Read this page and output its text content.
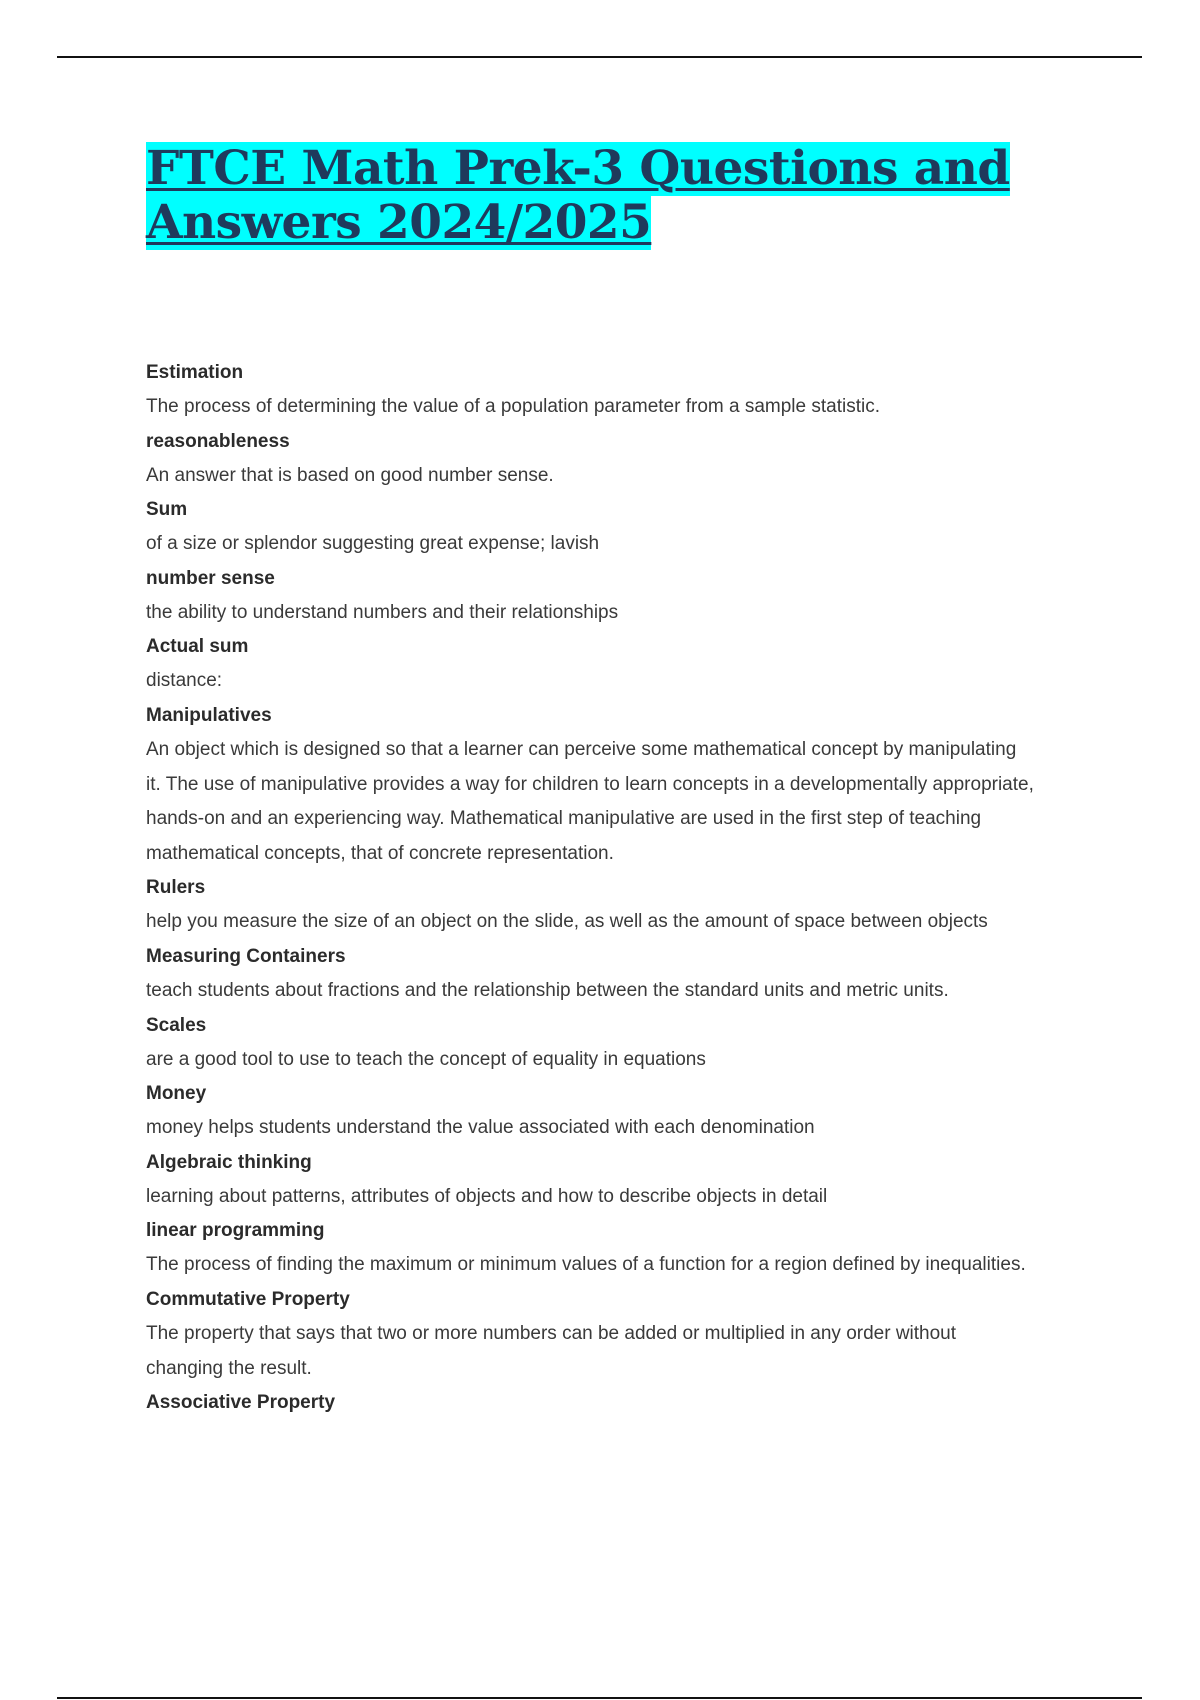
FTCE Math Prek-3 Questions and
Answers 2024/2025
Estimation
The process of determining the value of a population parameter from a sample statistic.
reasonableness
An answer that is based on good number sense.
Sum
of a size or splendor suggesting great expense; lavish
number sense
the ability to understand numbers and their relationships
Actual sum
distance:
Manipulatives
An object which is designed so that a learner can perceive some mathematical concept by manipulating
it. The use of manipulative provides a way for children to learn concepts in a developmentally appropriate,
hands-on and an experiencing way. Mathematical manipulative are used in the first step of teaching
mathematical concepts, that of concrete representation.
Rulers
help you measure the size of an object on the slide, as well as the amount of space between objects
Measuring Containers
teach students about fractions and the relationship between the standard units and metric units.
Scales
are a good tool to use to teach the concept of equality in equations
Money
money helps students understand the value associated with each denomination
Algebraic thinking
learning about patterns, attributes of objects and how to describe objects in detail
linear programming
The process of finding the maximum or minimum values of a function for a region defined by inequalities.
Commutative Property
The property that says that two or more numbers can be added or multiplied in any order without
changing the result.
Associative Property
